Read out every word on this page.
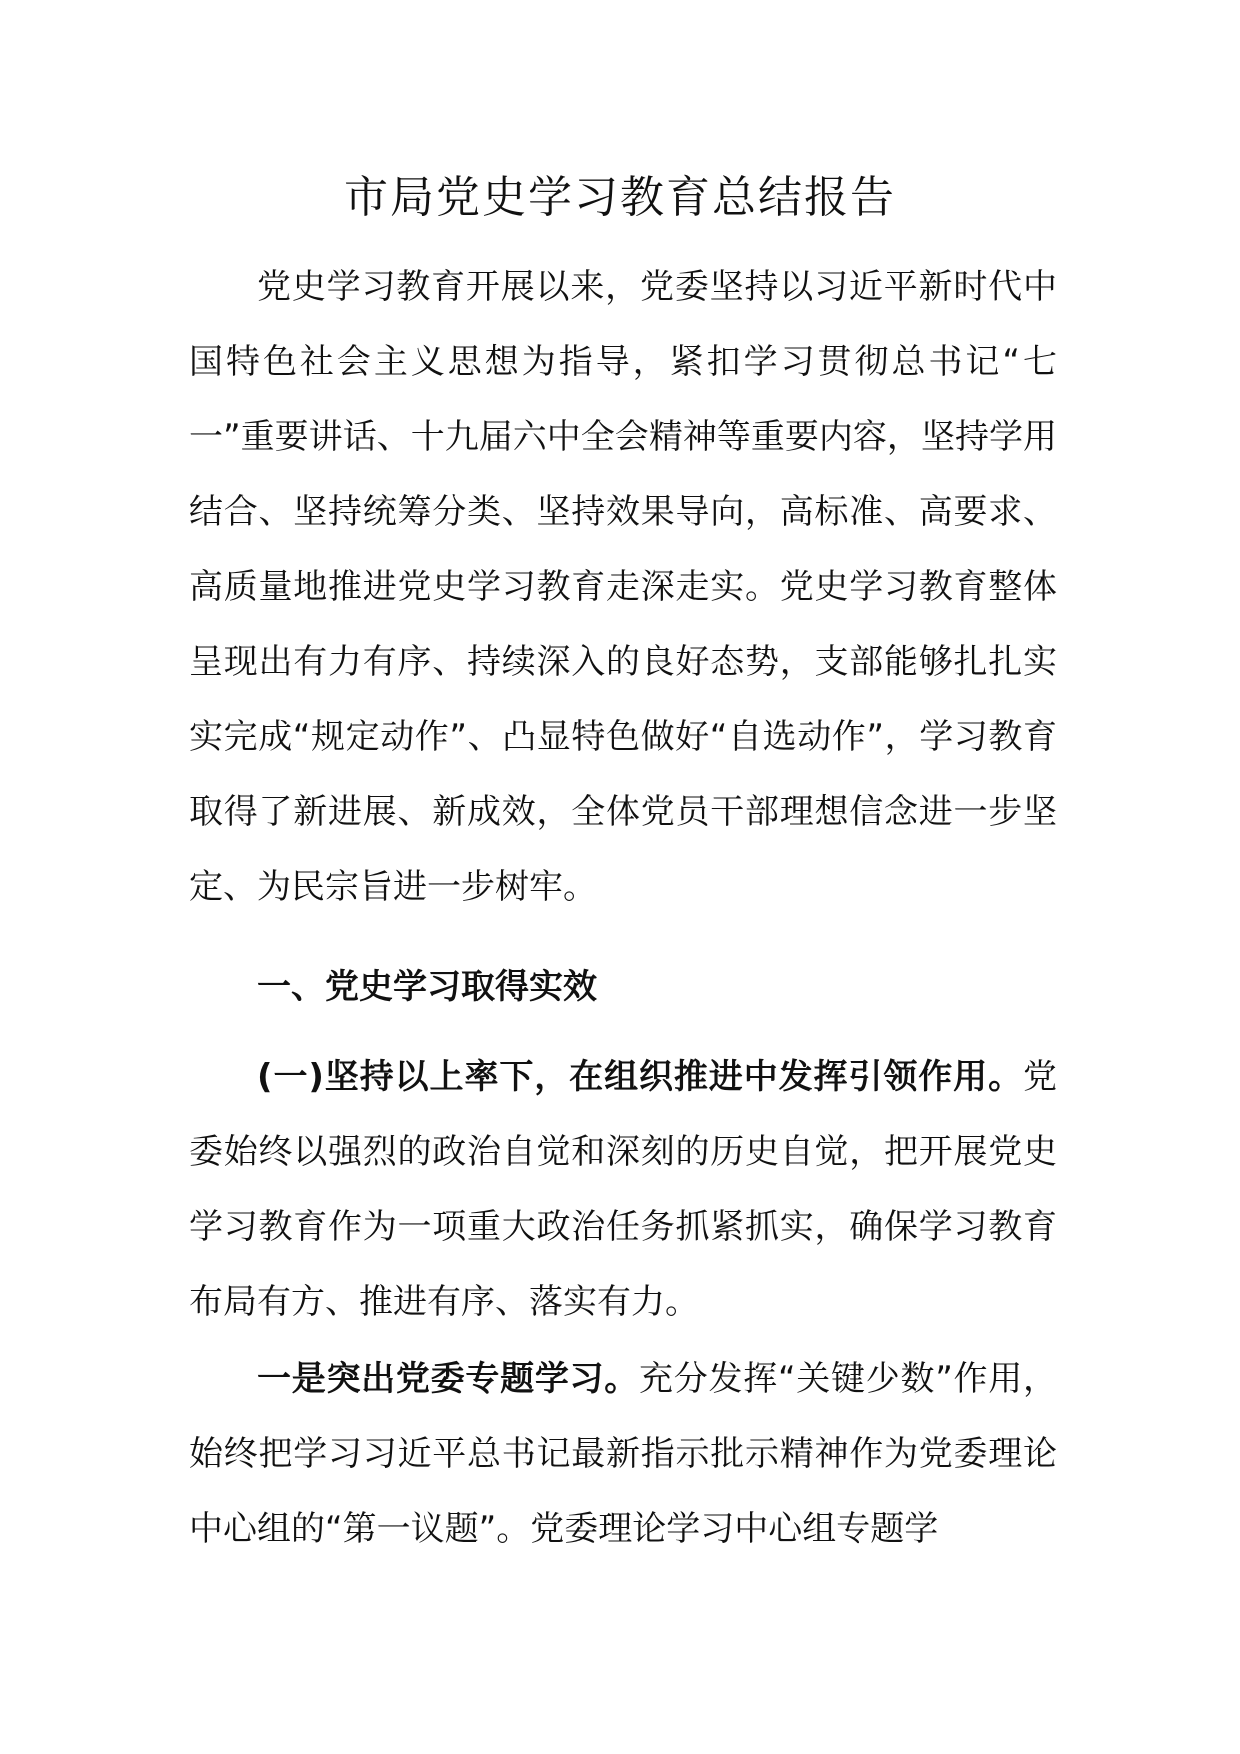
市局党史学习教育总结报告

党史学习教育开展以来，党委坚持以习近平新时代中国特色社会主义思想为指导，紧扣学习贯彻总书记“七一”重要讲话、十九届六中全会精神等重要内容，坚持学用结合、坚持统筹分类、坚持效果导向，高标准、高要求、高质量地推进党史学习教育走深走实。党史学习教育整体呈现出有力有序、持续深入的良好态势，支部能够扎扎实实完成“规定动作”、凸显特色做好“自选动作”，学习教育取得了新进展、新成效，全体党员干部理想信念进一步坚定、为民宗旨进一步树牢。

一、党史学习取得实效

(一)坚持以上率下，在组织推进中发挥引领作用。党委始终以强烈的政治自觉和深刻的历史自觉，把开展党史学习教育作为一项重大政治任务抓紧抓实，确保学习教育布局有方、推进有序、落实有力。

一是突出党委专题学习。充分发挥“关键少数”作用，始终把学习习近平总书记最新指示批示精神作为党委理论中心组的“第一议题”。党委理论学习中心组专题学
